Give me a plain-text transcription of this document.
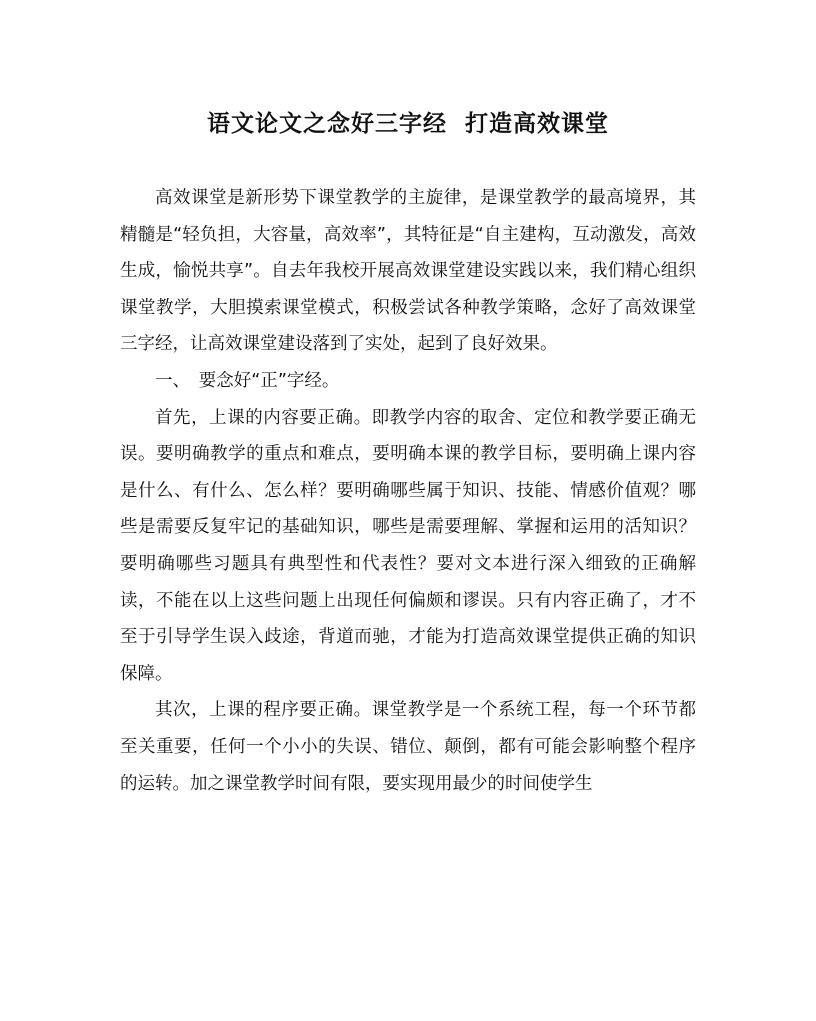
语文论文之念好三字经  打造高效课堂

高效课堂是新形势下课堂教学的主旋律，是课堂教学的最高境界，其精髓是“轻负担，大容量，高效率”，其特征是“自主建构，互动激发，高效生成，愉悦共享”。自去年我校开展高效课堂建设实践以来，我们精心组织课堂教学，大胆摸索课堂模式，积极尝试各种教学策略，念好了高效课堂三字经，让高效课堂建设落到了实处，起到了良好效果。

一、　要念好“正”字经。

首先，上课的内容要正确。即教学内容的取舍、定位和教学要正确无误。要明确教学的重点和难点，要明确本课的教学目标，要明确上课内容是什么、有什么、怎么样？要明确哪些属于知识、技能、情感价值观？哪些是需要反复牢记的基础知识，哪些是需要理解、掌握和运用的活知识？要明确哪些习题具有典型性和代表性？要对文本进行深入细致的正确解读，不能在以上这些问题上出现任何偏颇和谬误。只有内容正确了，才不至于引导学生误入歧途，背道而驰，才能为打造高效课堂提供正确的知识保障。

其次，上课的程序要正确。课堂教学是一个系统工程，每一个环节都至关重要，任何一个小小的失误、错位、颠倒，都有可能会影响整个程序的运转。加之课堂教学时间有限，要实现用最少的时间使学生
